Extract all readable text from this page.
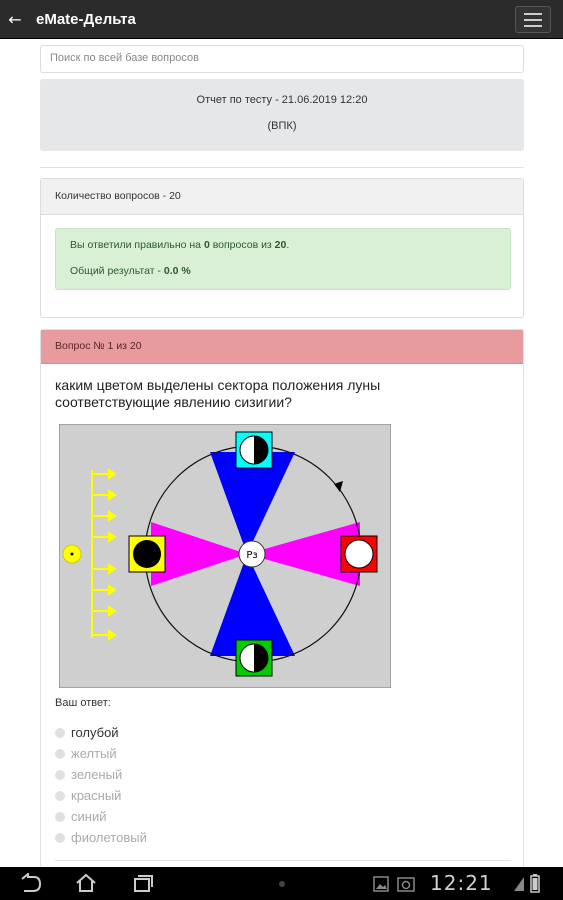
← eMate-Дельта
Поиск по всей базе вопросов
Отчет по тесту - 21.06.2019 12:20
(ВПК)
Количество вопросов - 20
Вы ответили правильно на 0 вопросов из 20.
Общий результат - 0.0 %
Вопрос № 1 из 20
каким цветом выделены сектора положения луны соответствующие явлению сизигии?
Рз
Ваш ответ:
голубой
желтый
зеленый
красный
синий
фиолетовый
12:21
